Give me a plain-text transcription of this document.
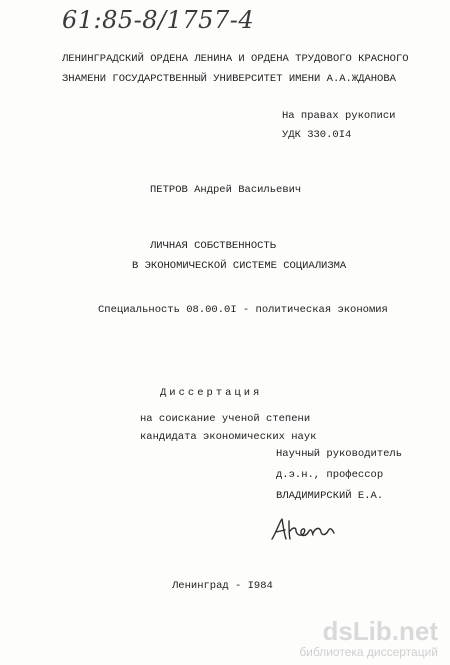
61:85-8/1757-4
ЛЕНИНГРАДСКИЙ ОРДЕНА ЛЕНИНА И ОРДЕНА ТРУДОВОГО КРАСНОГО
ЗНАМЕНИ ГОСУДАРСТВЕННЫЙ УНИВЕРСИТЕТ ИМЕНИ А.А.ЖДАНОВА
На правах рукописи
УДК 330.0I4
ПЕТРОВ Андрей Васильевич
ЛИЧНАЯ СОБСТВЕННОСТЬ
В ЭКОНОМИЧЕСКОЙ СИСТЕМЕ СОЦИАЛИЗМА
Специальность 08.00.0I - политическая экономия
Диссертация
на соискание ученой степени
кандидата экономических наук
Научный руководитель
д.э.н., профессор
ВЛАДИМИРСКИЙ Е.А.
Ленинград - I984
dsLib.net
библиотека диссертаций
